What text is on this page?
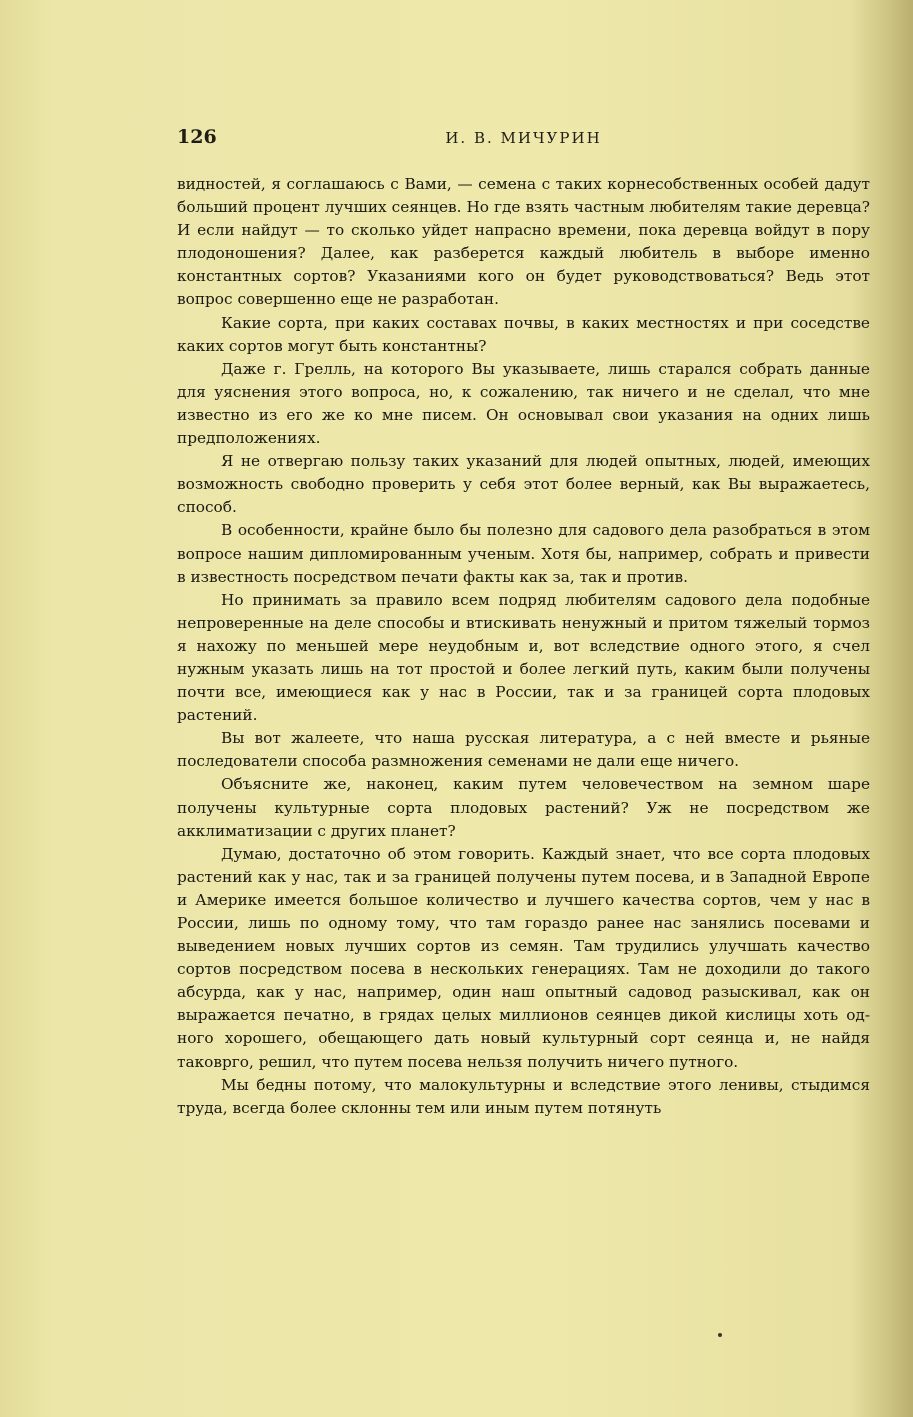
126	И. В. МИЧУРИН

видностей, я соглашаюсь с Вами, — семена с таких корнесобственных особей дадут больший процент лучших сеянцев. Но где взять частным любителям такие деревца? И если найдут — то сколько уйдет напрасно времени, пока деревца войдут в пору плодоношения? Далее, как разберется каждый любитель в выборе именно константных сортов? Указаниями кого он будет руководствоваться? Ведь этот вопрос совершенно еще не разработан.

Какие сорта, при каких составах почвы, в каких местностях и при соседстве каких сортов могут быть константны?

Даже г. Грелль, на которого Вы указываете, лишь старался собрать данные для уяснения этого вопроса, но, к сожалению, так ничего и не сделал, что мне известно из его же ко мне писем. Он основывал свои указания на одних лишь предположениях.

Я не отвергаю пользу таких указаний для людей опытных, людей, имеющих возможность свободно проверить у себя этот более верный, как Вы выражаетесь, способ.

В особенности, крайне было бы полезно для садового дела разобраться в этом вопросе нашим дипломированным ученым. Хотя бы, например, собрать и привести в известность посредством печати факты как за, так и против.

Но принимать за правило всем подряд любителям садового дела подобные непроверенные на деле способы и втискивать ненужный и притом тяжелый тормоз я нахожу по меньшей мере неудобным и, вот вследствие одного этого, я счел нужным указать лишь на тот простой и более легкий путь, каким были получены почти все, имеющиеся как у нас в России, так и за границей сорта плодовых растений.

Вы вот жалеете, что наша русская литература, а с ней вместе и рьяные последователи способа размножения семенами не дали еще ничего.

Объясните же, наконец, каким путем человечеством на земном шаре получены культурные сорта плодовых растений? Уж не посредством же акклиматизации с других планет?

Думаю, достаточно об этом говорить. Каждый знает, что все сорта плодовых растений как у нас, так и за границей получены путем посева, и в Западной Европе и Америке имеется большое количество и лучшего качества сортов, чем у нас в России, лишь по одному тому, что там гораздо ранее нас занялись посевами и выведением новых лучших сортов из семян. Там трудились улучшать качество сортов посредством посева в нескольких генерациях. Там не доходили до такого абсурда, как у нас, например, один наш опытный садовод разыскивал, как он выражается печатно, в грядах целых миллионов сеянцев дикой кислицы хоть одного хорошего, обещающего дать новый культурный сорт сеянца и, не найдя таковрго, решил, что путем посева нельзя получить ничего путного.

Мы бедны потому, что малокультурны и вследствие этого ленивы, стыдимся труда, всегда более склонны тем или иным путем потянуть
